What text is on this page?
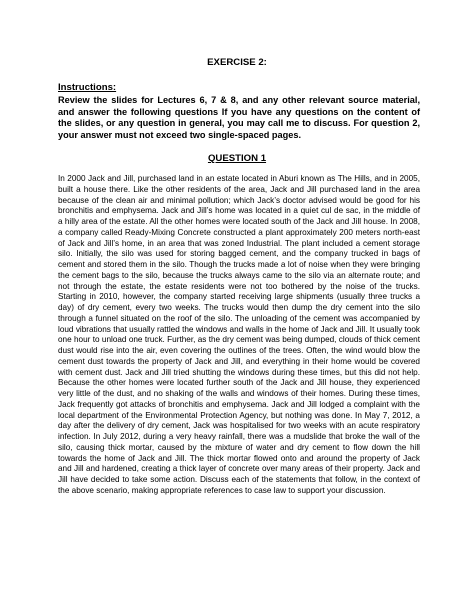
EXERCISE 2:

Instructions:

Review the slides for Lectures 6, 7 & 8, and any other relevant source material, and answer the following questions If you have any questions on the content of the slides, or any question in general, you may call me to discuss. For question 2, your answer must not exceed two single-spaced pages.

QUESTION 1

In 2000 Jack and Jill, purchased land in an estate located in Aburi known as The Hills, and in 2005, built a house there. Like the other residents of the area, Jack and Jill purchased land in the area because of the clean air and minimal pollution; which Jack’s doctor advised would be good for his bronchitis and emphysema. Jack and Jill’s home was located in a quiet cul de sac, in the middle of a hilly area of the estate. All the other homes were located south of the Jack and Jill house. In 2008, a company called Ready-Mixing Concrete constructed a plant approximately 200 meters north-east of Jack and Jill’s home, in an area that was zoned Industrial. The plant included a cement storage silo. Initially, the silo was used for storing bagged cement, and the company trucked in bags of cement and stored them in the silo. Though the trucks made a lot of noise when they were bringing the cement bags to the silo, because the trucks always came to the silo via an alternate route; and not through the estate, the estate residents were not too bothered by the noise of the trucks. Starting in 2010, however, the company started receiving large shipments (usually three trucks a day) of dry cement, every two weeks. The trucks would then dump the dry cement into the silo through a funnel situated on the roof of the silo. The unloading of the cement was accompanied by loud vibrations that usually rattled the windows and walls in the home of Jack and Jill. It usually took one hour to unload one truck. Further, as the dry cement was being dumped, clouds of thick cement dust would rise into the air, even covering the outlines of the trees. Often, the wind would blow the cement dust towards the property of Jack and Jill, and everything in their home would be covered with cement dust. Jack and Jill tried shutting the windows during these times, but this did not help. Because the other homes were located further south of the Jack and Jill house, they experienced very little of the dust, and no shaking of the walls and windows of their homes. During these times, Jack frequently got attacks of bronchitis and emphysema. Jack and Jill lodged a complaint with the local department of the Environmental Protection Agency, but nothing was done. In May 7, 2012, a day after the delivery of dry cement, Jack was hospitalised for two weeks with an acute respiratory infection. In July 2012, during a very heavy rainfall, there was a mudslide that broke the wall of the silo, causing thick mortar, caused by the mixture of water and dry cement to flow down the hill towards the home of Jack and Jill. The thick mortar flowed onto and around the property of Jack and Jill and hardened, creating a thick layer of concrete over many areas of their property. Jack and Jill have decided to take some action. Discuss each of the statements that follow, in the context of the above scenario, making appropriate references to case law to support your discussion.
